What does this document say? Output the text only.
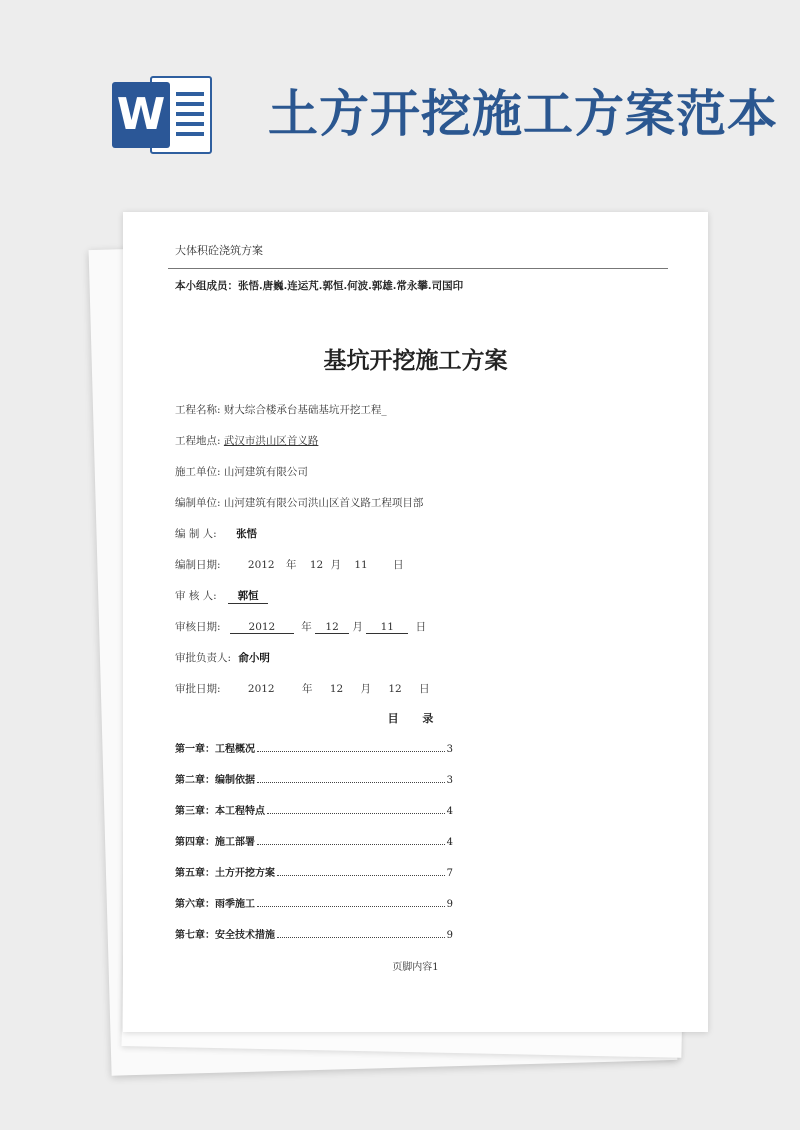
W 土方开挖施工方案范本
大体积砼浇筑方案
本小组成员：张悟.唐巍.连运芃.郭恒.何波.郭雄.常永攀.司国印
基坑开挖施工方案
工程名称: 财大综合楼承台基础基坑开挖工程_
工程地点: 武汉市洪山区首义路
施工单位: 山河建筑有限公司
编制单位: 山河建筑有限公司洪山区首义路工程项目部
编 制 人: 张悟
编制日期:	2012 年 12 月 11 日
审 核 人: 郭恒
审核日期:	2012 年 12 月 11 日
审批负责人: 俞小明
审批日期:	2012	年 12 月 12 日
目 录
第一章：工程概况	3
第二章：编制依据	3
第三章：本工程特点	4
第四章：施工部署	4
第五章：土方开挖方案	7
第六章：雨季施工	9
第七章：安全技术措施	9
页脚内容1
